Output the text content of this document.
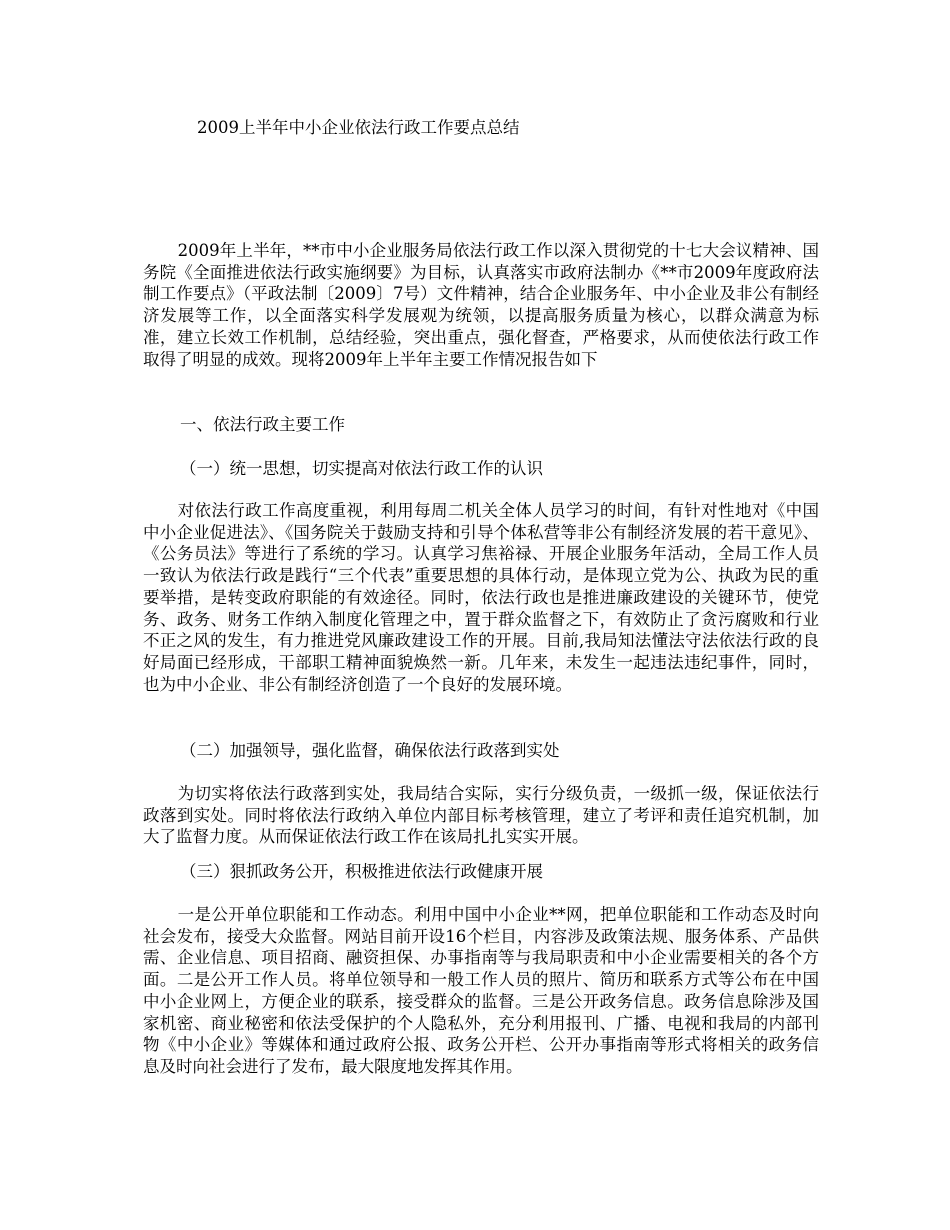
2009上半年中小企业依法行政工作要点总结

2009年上半年，**市中小企业服务局依法行政工作以深入贯彻党的十七大会议精神、国务院《全面推进依法行政实施纲要》为目标，认真落实市政府法制办《**市2009年度政府法制工作要点》（平政法制〔2009〕7号）文件精神，结合企业服务年、中小企业及非公有制经济发展等工作，以全面落实科学发展观为统领，以提高服务质量为核心，以群众满意为标准，建立长效工作机制，总结经验，突出重点，强化督查，严格要求，从而使依法行政工作取得了明显的成效。现将2009年上半年主要工作情况报告如下

一、依法行政主要工作
（一）统一思想，切实提高对依法行政工作的认识

对依法行政工作高度重视，利用每周二机关全体人员学习的时间，有针对性地对《中国中小企业促进法》、《国务院关于鼓励支持和引导个体私营等非公有制经济发展的若干意见》、《公务员法》等进行了系统的学习。认真学习焦裕禄、开展企业服务年活动，全局工作人员一致认为依法行政是践行“三个代表”重要思想的具体行动，是体现立党为公、执政为民的重要举措，是转变政府职能的有效途径。同时，依法行政也是推进廉政建设的关键环节，使党务、政务、财务工作纳入制度化管理之中，置于群众监督之下，有效防止了贪污腐败和行业不正之风的发生，有力推进党风廉政建设工作的开展。目前,我局知法懂法守法依法行政的良好局面已经形成，干部职工精神面貌焕然一新。几年来，未发生一起违法违纪事件，同时，也为中小企业、非公有制经济创造了一个良好的发展环境。

（二）加强领导，强化监督，确保依法行政落到实处

为切实将依法行政落到实处，我局结合实际，实行分级负责，一级抓一级，保证依法行政落到实处。同时将依法行政纳入单位内部目标考核管理，建立了考评和责任追究机制，加大了监督力度。从而保证依法行政工作在该局扎扎实实开展。

（三）狠抓政务公开，积极推进依法行政健康开展

一是公开单位职能和工作动态。利用中国中小企业**网，把单位职能和工作动态及时向社会发布，接受大众监督。网站目前开设16个栏目，内容涉及政策法规、服务体系、产品供需、企业信息、项目招商、融资担保、办事指南等与我局职责和中小企业需要相关的各个方面。二是公开工作人员。将单位领导和一般工作人员的照片、简历和联系方式等公布在中国中小企业网上，方便企业的联系，接受群众的监督。三是公开政务信息。政务信息除涉及国家机密、商业秘密和依法受保护的个人隐私外，充分利用报刊、广播、电视和我局的内部刊物《中小企业》等媒体和通过政府公报、政务公开栏、公开办事指南等形式将相关的政务信息及时向社会进行了发布，最大限度地发挥其作用。
